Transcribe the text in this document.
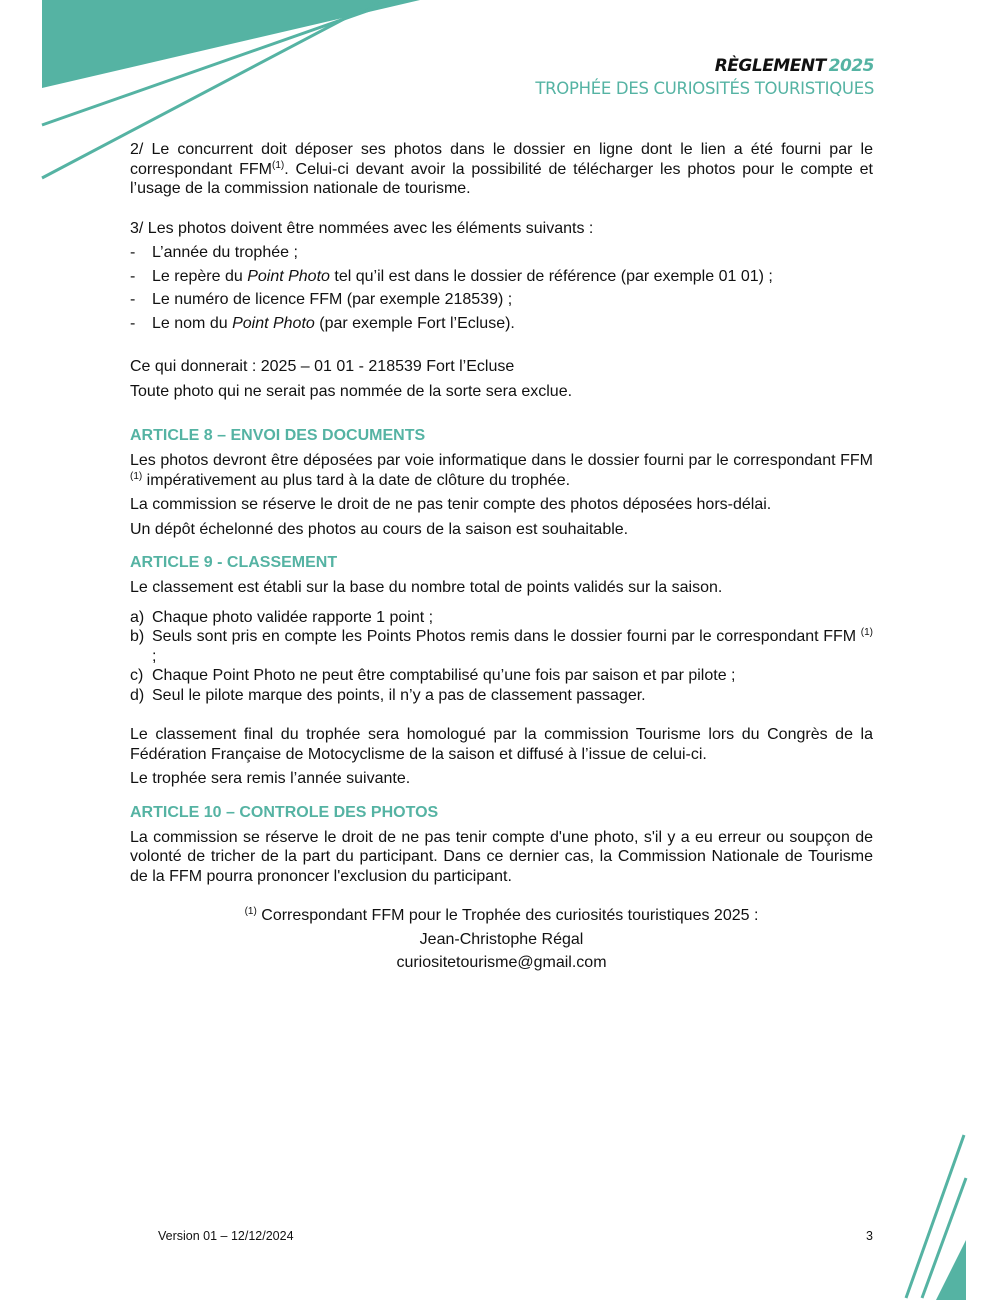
RÈGLEMENT 2025
TROPHÉE DES CURIOSITÉS TOURISTIQUES

2/ Le concurrent doit déposer ses photos dans le dossier en ligne dont le lien a été fourni par le correspondant FFM$^{(1)}$. Celui-ci devant avoir la possibilité de télécharger les photos pour le compte et l’usage de la commission nationale de tourisme.

3/ Les photos doivent être nommées avec les éléments suivants :

- L’année du trophée ;
- Le repère du Point Photo tel qu’il est dans le dossier de référence (par exemple 01 01) ;
- Le numéro de licence FFM (par exemple 218539) ;
- Le nom du Point Photo (par exemple Fort l’Ecluse).

Ce qui donnerait : 2025 – 01 01 - 218539 Fort l’Ecluse

Toute photo qui ne serait pas nommée de la sorte sera exclue.

ARTICLE 8 – ENVOI DES DOCUMENTS

Les photos devront être déposées par voie informatique dans le dossier fourni par le correspondant FFM $^{(1)}$ impérativement au plus tard à la date de clôture du trophée.

La commission se réserve le droit de ne pas tenir compte des photos déposées hors-délai.

Un dépôt échelonné des photos au cours de la saison est souhaitable.

ARTICLE 9 - CLASSEMENT

Le classement est établi sur la base du nombre total de points validés sur la saison.

a) Chaque photo validée rapporte 1 point ;
b) Seuls sont pris en compte les Points Photos remis dans le dossier fourni par le correspondant FFM $^{(1)}$ ;
c) Chaque Point Photo ne peut être comptabilisé qu’une fois par saison et par pilote ;
d) Seul le pilote marque des points, il n’y a pas de classement passager.

Le classement final du trophée sera homologué par la commission Tourisme lors du Congrès de la Fédération Française de Motocyclisme de la saison et diffusé à l’issue de celui-ci.

Le trophée sera remis l’année suivante.

ARTICLE 10 – CONTROLE DES PHOTOS

La commission se réserve le droit de ne pas tenir compte d'une photo, s'il y a eu erreur ou soupçon de volonté de tricher de la part du participant. Dans ce dernier cas, la Commission Nationale de Tourisme de la FFM pourra prononcer l'exclusion du participant.

$^{(1)}$ Correspondant FFM pour le Trophée des curiosités touristiques 2025 :
Jean-Christophe Régal
curiositetourisme@gmail.com
Version 01 – 12/12/2024	3
